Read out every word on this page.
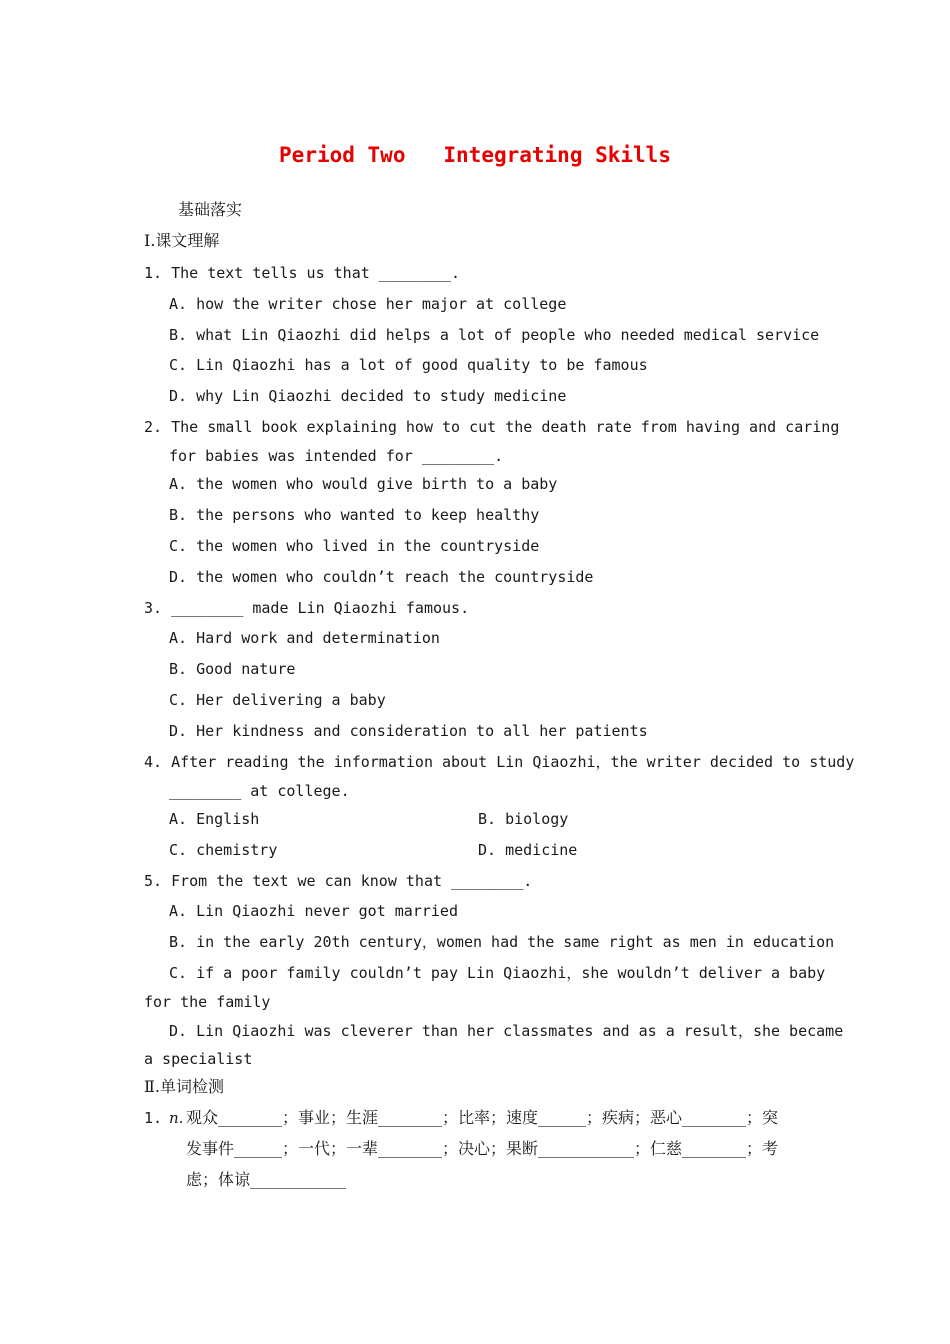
Period Two   Integrating Skills
基础落实
Ⅰ.课文理解
1. The text tells us that ________.
A. how the writer chose her major at college
B. what Lin Qiaozhi did helps a lot of people who needed medical service
C. Lin Qiaozhi has a lot of good quality to be famous
D. why Lin Qiaozhi decided to study medicine
2. The small book explaining how to cut the death rate from having and caring
for babies was intended for ________.
A. the women who would give birth to a baby
B. the persons who wanted to keep healthy
C. the women who lived in the countryside
D. the women who couldn’t reach the countryside
3. ________ made Lin Qiaozhi famous.
A. Hard work and determination
B. Good nature
C. Her delivering a baby
D. Her kindness and consideration to all her patients
4. After reading the information about Lin Qiaozhi，the writer decided to study
________ at college.
A. English	B. biology
C. chemistry	D. medicine
5. From the text we can know that ________.
A. Lin Qiaozhi never got married
B. in the early 20th century，women had the same right as men in education
C. if a poor family couldn’t pay Lin Qiaozhi，she wouldn’t deliver a baby
for the family
D. Lin Qiaozhi was cleverer than her classmates and as a result，she became
a specialist
Ⅱ.单词检测
1. n. 观众________；事业；生涯________；比率；速度______；疾病；恶心________；突
发事件______；一代；一辈________；决心；果断____________；仁慈________；考
虑；体谅____________
